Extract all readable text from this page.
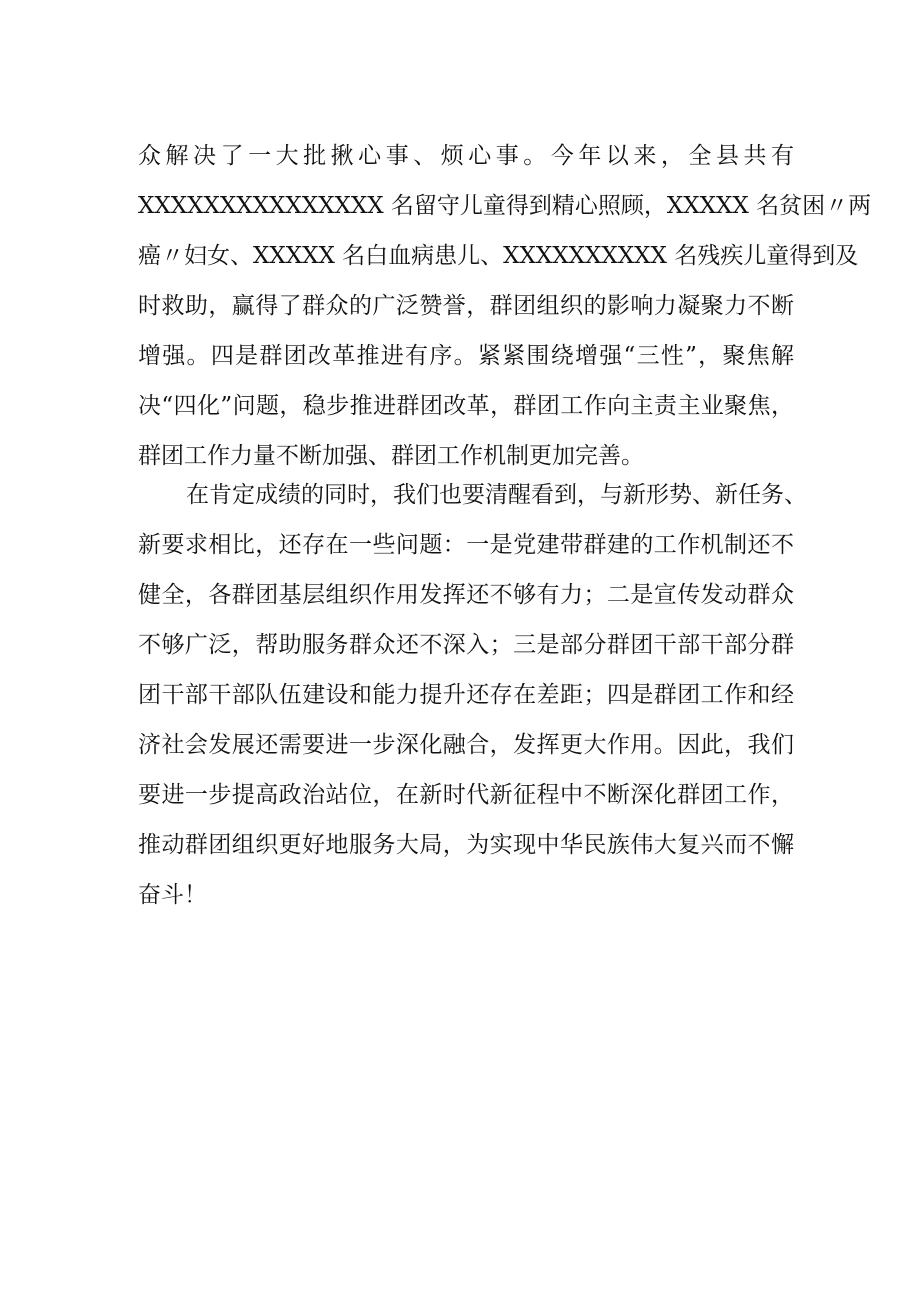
众解决了一大批揪心事、烦心事。今年以来，全县共有
XXXXXXXXXXXXXXX 名留守儿童得到精心照顾，XXXXX 名贫困〃两
癌〃妇女、XXXXX 名白血病患儿、XXXXXXXXXX 名残疾儿童得到及
时救助，赢得了群众的广泛赞誉，群团组织的影响力凝聚力不断
增强。四是群团改革推进有序。紧紧围绕增强“三性”，聚焦解
决“四化”问题，稳步推进群团改革，群团工作向主责主业聚焦，
群团工作力量不断加强、群团工作机制更加完善。
在肯定成绩的同时，我们也要清醒看到，与新形势、新任务、
新要求相比，还存在一些问题：一是党建带群建的工作机制还不
健全，各群团基层组织作用发挥还不够有力；二是宣传发动群众
不够广泛，帮助服务群众还不深入；三是部分群团干部干部分群
团干部干部队伍建设和能力提升还存在差距；四是群团工作和经
济社会发展还需要进一步深化融合，发挥更大作用。因此，我们
要进一步提高政治站位，在新时代新征程中不断深化群团工作，
推动群团组织更好地服务大局，为实现中华民族伟大复兴而不懈
奋斗！
